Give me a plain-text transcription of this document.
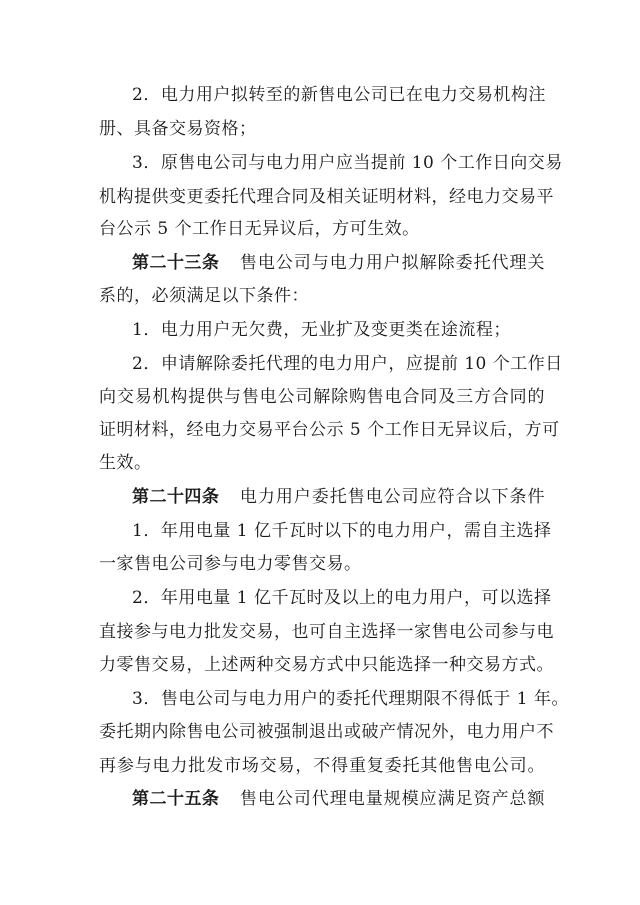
2．电力用户拟转至的新售电公司已在电力交易机构注
册、具备交易资格；
3．原售电公司与电力用户应当提前 10 个工作日向交易
机构提供变更委托代理合同及相关证明材料，经电力交易平
台公示 5 个工作日无异议后，方可生效。
第二十三条 售电公司与电力用户拟解除委托代理关
系的，必须满足以下条件：
1．电力用户无欠费，无业扩及变更类在途流程；
2．申请解除委托代理的电力用户，应提前 10 个工作日
向交易机构提供与售电公司解除购售电合同及三方合同的
证明材料，经电力交易平台公示 5 个工作日无异议后，方可
生效。
第二十四条 电力用户委托售电公司应符合以下条件
1．年用电量 1 亿千瓦时以下的电力用户，需自主选择
一家售电公司参与电力零售交易。
2．年用电量 1 亿千瓦时及以上的电力用户，可以选择
直接参与电力批发交易，也可自主选择一家售电公司参与电
力零售交易，上述两种交易方式中只能选择一种交易方式。
3．售电公司与电力用户的委托代理期限不得低于 1 年。
委托期内除售电公司被强制退出或破产情况外，电力用户不
再参与电力批发市场交易，不得重复委托其他售电公司。
第二十五条 售电公司代理电量规模应满足资产总额
